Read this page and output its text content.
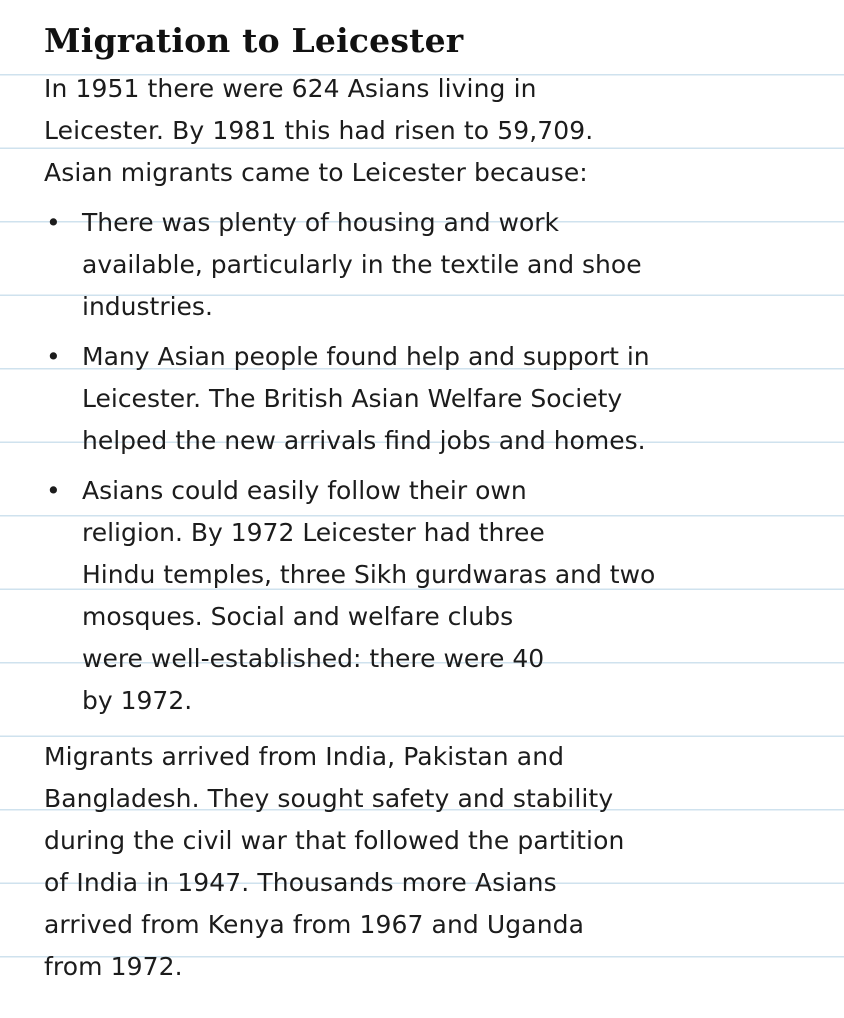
Migration to Leicester

In 1951 there were 624 Asians living in
Leicester. By 1981 this had risen to 59,709.
Asian migrants came to Leicester because:

• There was plenty of housing and work
available, particularly in the textile and shoe
industries.
• Many Asian people found help and support in
Leicester. The British Asian Welfare Society
helped the new arrivals find jobs and homes.
• Asians could easily follow their own
religion. By 1972 Leicester had three
Hindu temples, three Sikh gurdwaras and two
mosques. Social and welfare clubs
were well-established: there were 40
by 1972.

Migrants arrived from India, Pakistan and
Bangladesh. They sought safety and stability
during the civil war that followed the partition
of India in 1947. Thousands more Asians
arrived from Kenya from 1967 and Uganda
from 1972.
